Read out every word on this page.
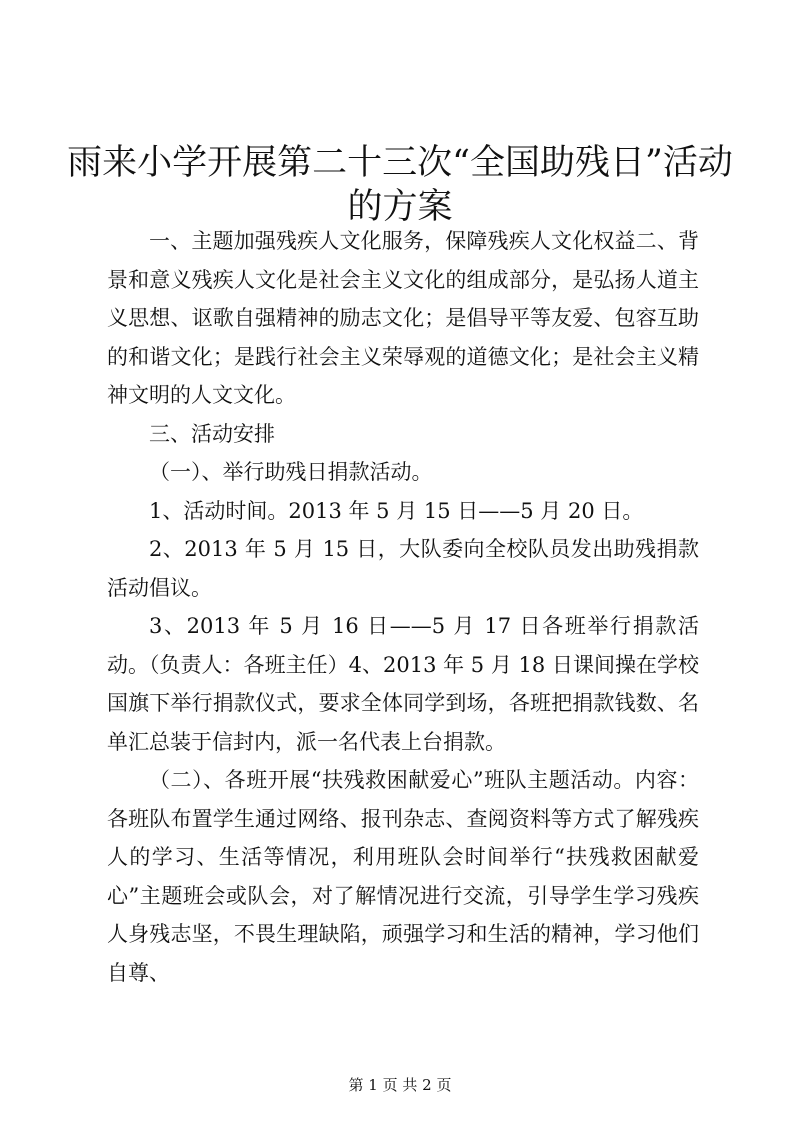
雨来小学开展第二十三次“全国助残日”活动
的方案

一、主题加强残疾人文化服务，保障残疾人文化权益二、背景和意义残疾人文化是社会主义文化的组成部分，是弘扬人道主义思想、讴歌自强精神的励志文化；是倡导平等友爱、包容互助的和谐文化；是践行社会主义荣辱观的道德文化；是社会主义精神文明的人文文化。

三、活动安排

（一）、举行助残日捐款活动。

1、活动时间。2013 年 5 月 15 日——5 月 20 日。

2、2013 年 5 月 15 日，大队委向全校队员发出助残捐款活动倡议。

3、2013 年 5 月 16 日——5 月 17 日各班举行捐款活动。（负责人：各班主任）4、2013 年 5 月 18 日课间操在学校国旗下举行捐款仪式，要求全体同学到场，各班把捐款钱数、名单汇总装于信封内，派一名代表上台捐款。

（二）、各班开展“扶残救困献爱心”班队主题活动。内容：各班队布置学生通过网络、报刊杂志、查阅资料等方式了解残疾人的学习、生活等情况，利用班队会时间举行“扶残救困献爱心”主题班会或队会，对了解情况进行交流，引导学生学习残疾人身残志坚，不畏生理缺陷，顽强学习和生活的精神，学习他们自尊、

第 1 页 共 2 页
